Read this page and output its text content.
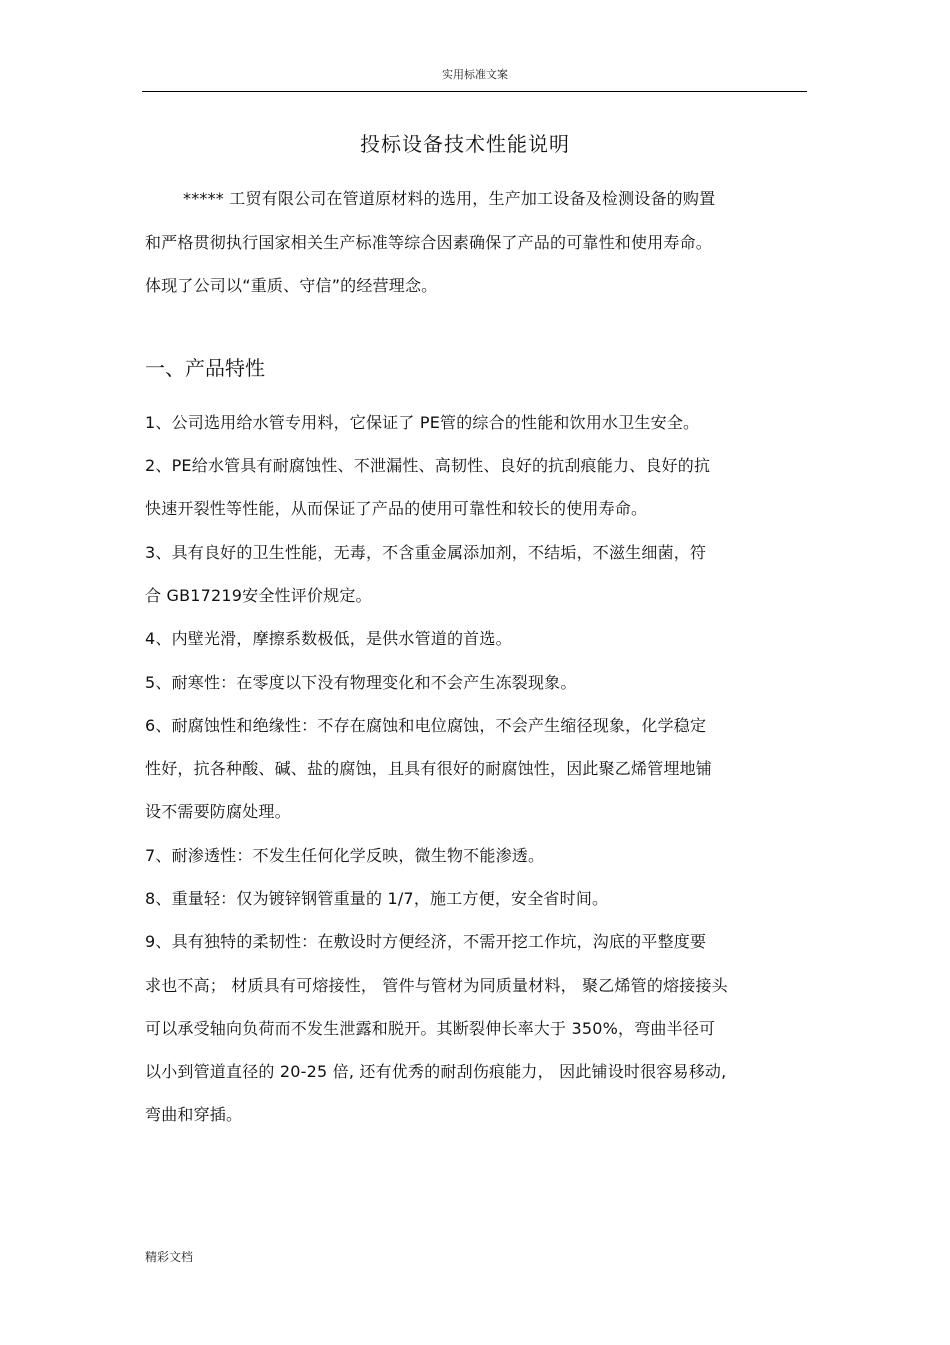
实用标准文案
投标设备技术性能说明
***** 工贸有限公司在管道原材料的选用，生产加工设备及检测设备的购置
和严格贯彻执行国家相关生产标准等综合因素确保了产品的可靠性和使用寿命。
体现了公司以“重质、守信”的经营理念。
一、产品特性
1、公司选用给水管专用料，它保证了 PE管的综合的性能和饮用水卫生安全。
2、PE给水管具有耐腐蚀性、不泄漏性、高韧性、良好的抗刮痕能力、良好的抗
快速开裂性等性能，从而保证了产品的使用可靠性和较长的使用寿命。
3、具有良好的卫生性能，无毒，不含重金属添加剂，不结垢，不滋生细菌，符
合 GB17219安全性评价规定。
4、内壁光滑，摩擦系数极低，是供水管道的首选。
5、耐寒性：在零度以下没有物理变化和不会产生冻裂现象。
6、耐腐蚀性和绝缘性：不存在腐蚀和电位腐蚀，不会产生缩径现象，化学稳定
性好，抗各种酸、碱、盐的腐蚀，且具有很好的耐腐蚀性，因此聚乙烯管埋地铺
设不需要防腐处理。
7、耐渗透性：不发生任何化学反映，微生物不能渗透。
8、重量轻：仅为镀锌钢管重量的 1/7，施工方便，安全省时间。
9、具有独特的柔韧性：在敷设时方便经济，不需开挖工作坑，沟底的平整度要
求也不高； 材质具有可熔接性， 管件与管材为同质量材料， 聚乙烯管的熔接接头
可以承受轴向负荷而不发生泄露和脱开。其断裂伸长率大于 350%，弯曲半径可
以小到管道直径的 20-25 倍, 还有优秀的耐刮伤痕能力， 因此铺设时很容易移动,
弯曲和穿插。
精彩文档
